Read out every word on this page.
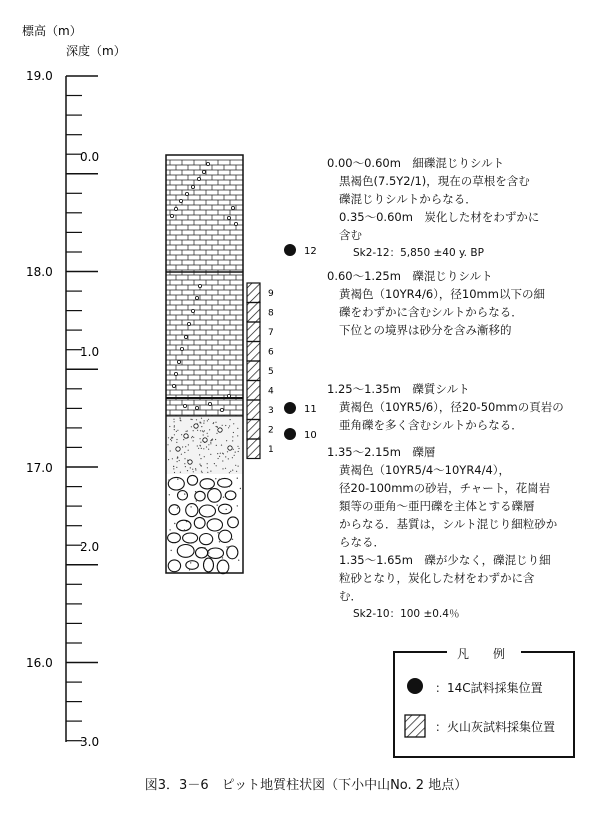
標高（m）
深度（m）
19.0
18.0
17.0
16.0
0.0
1.0
2.0
3.0
9
8
7
6
5
4
3
2
1
12
11
10
0.00～0.60m　細礫混じりシルト
黒褐色(7.5Y2/1)，現在の草根を含む
礫混じりシルトからなる．
0.35～0.60m　炭化した材をわずかに
含む
Sk2-12：5,850 ±40 y. BP
0.60～1.25m　礫混じりシルト
黄褐色（10YR4/6），径10mm以下の細
礫をわずかに含むシルトからなる．
下位との境界は砂分を含み漸移的
1.25～1.35m　礫質シルト
黄褐色（10YR5/6），径20-50mmの頁岩の
亜角礫を多く含むシルトからなる．
1.35～2.15m　礫層
黄褐色（10YR5/4～10YR4/4），
径20-100mmの砂岩，チャート，花崗岩
類等の亜角～亜円礫を主体とする礫層
からなる．基質は，シルト混じり細粒砂か
らなる．
1.35～1.65m　礫が少なく，礫混じり細
粒砂となり，炭化した材をわずかに含
む．
Sk2-10：100 ±0.4％
凡　例
：14C試料採集位置
：火山灰試料採集位置
図3．3－6　ピット地質柱状図（下小中山No. 2 地点）
